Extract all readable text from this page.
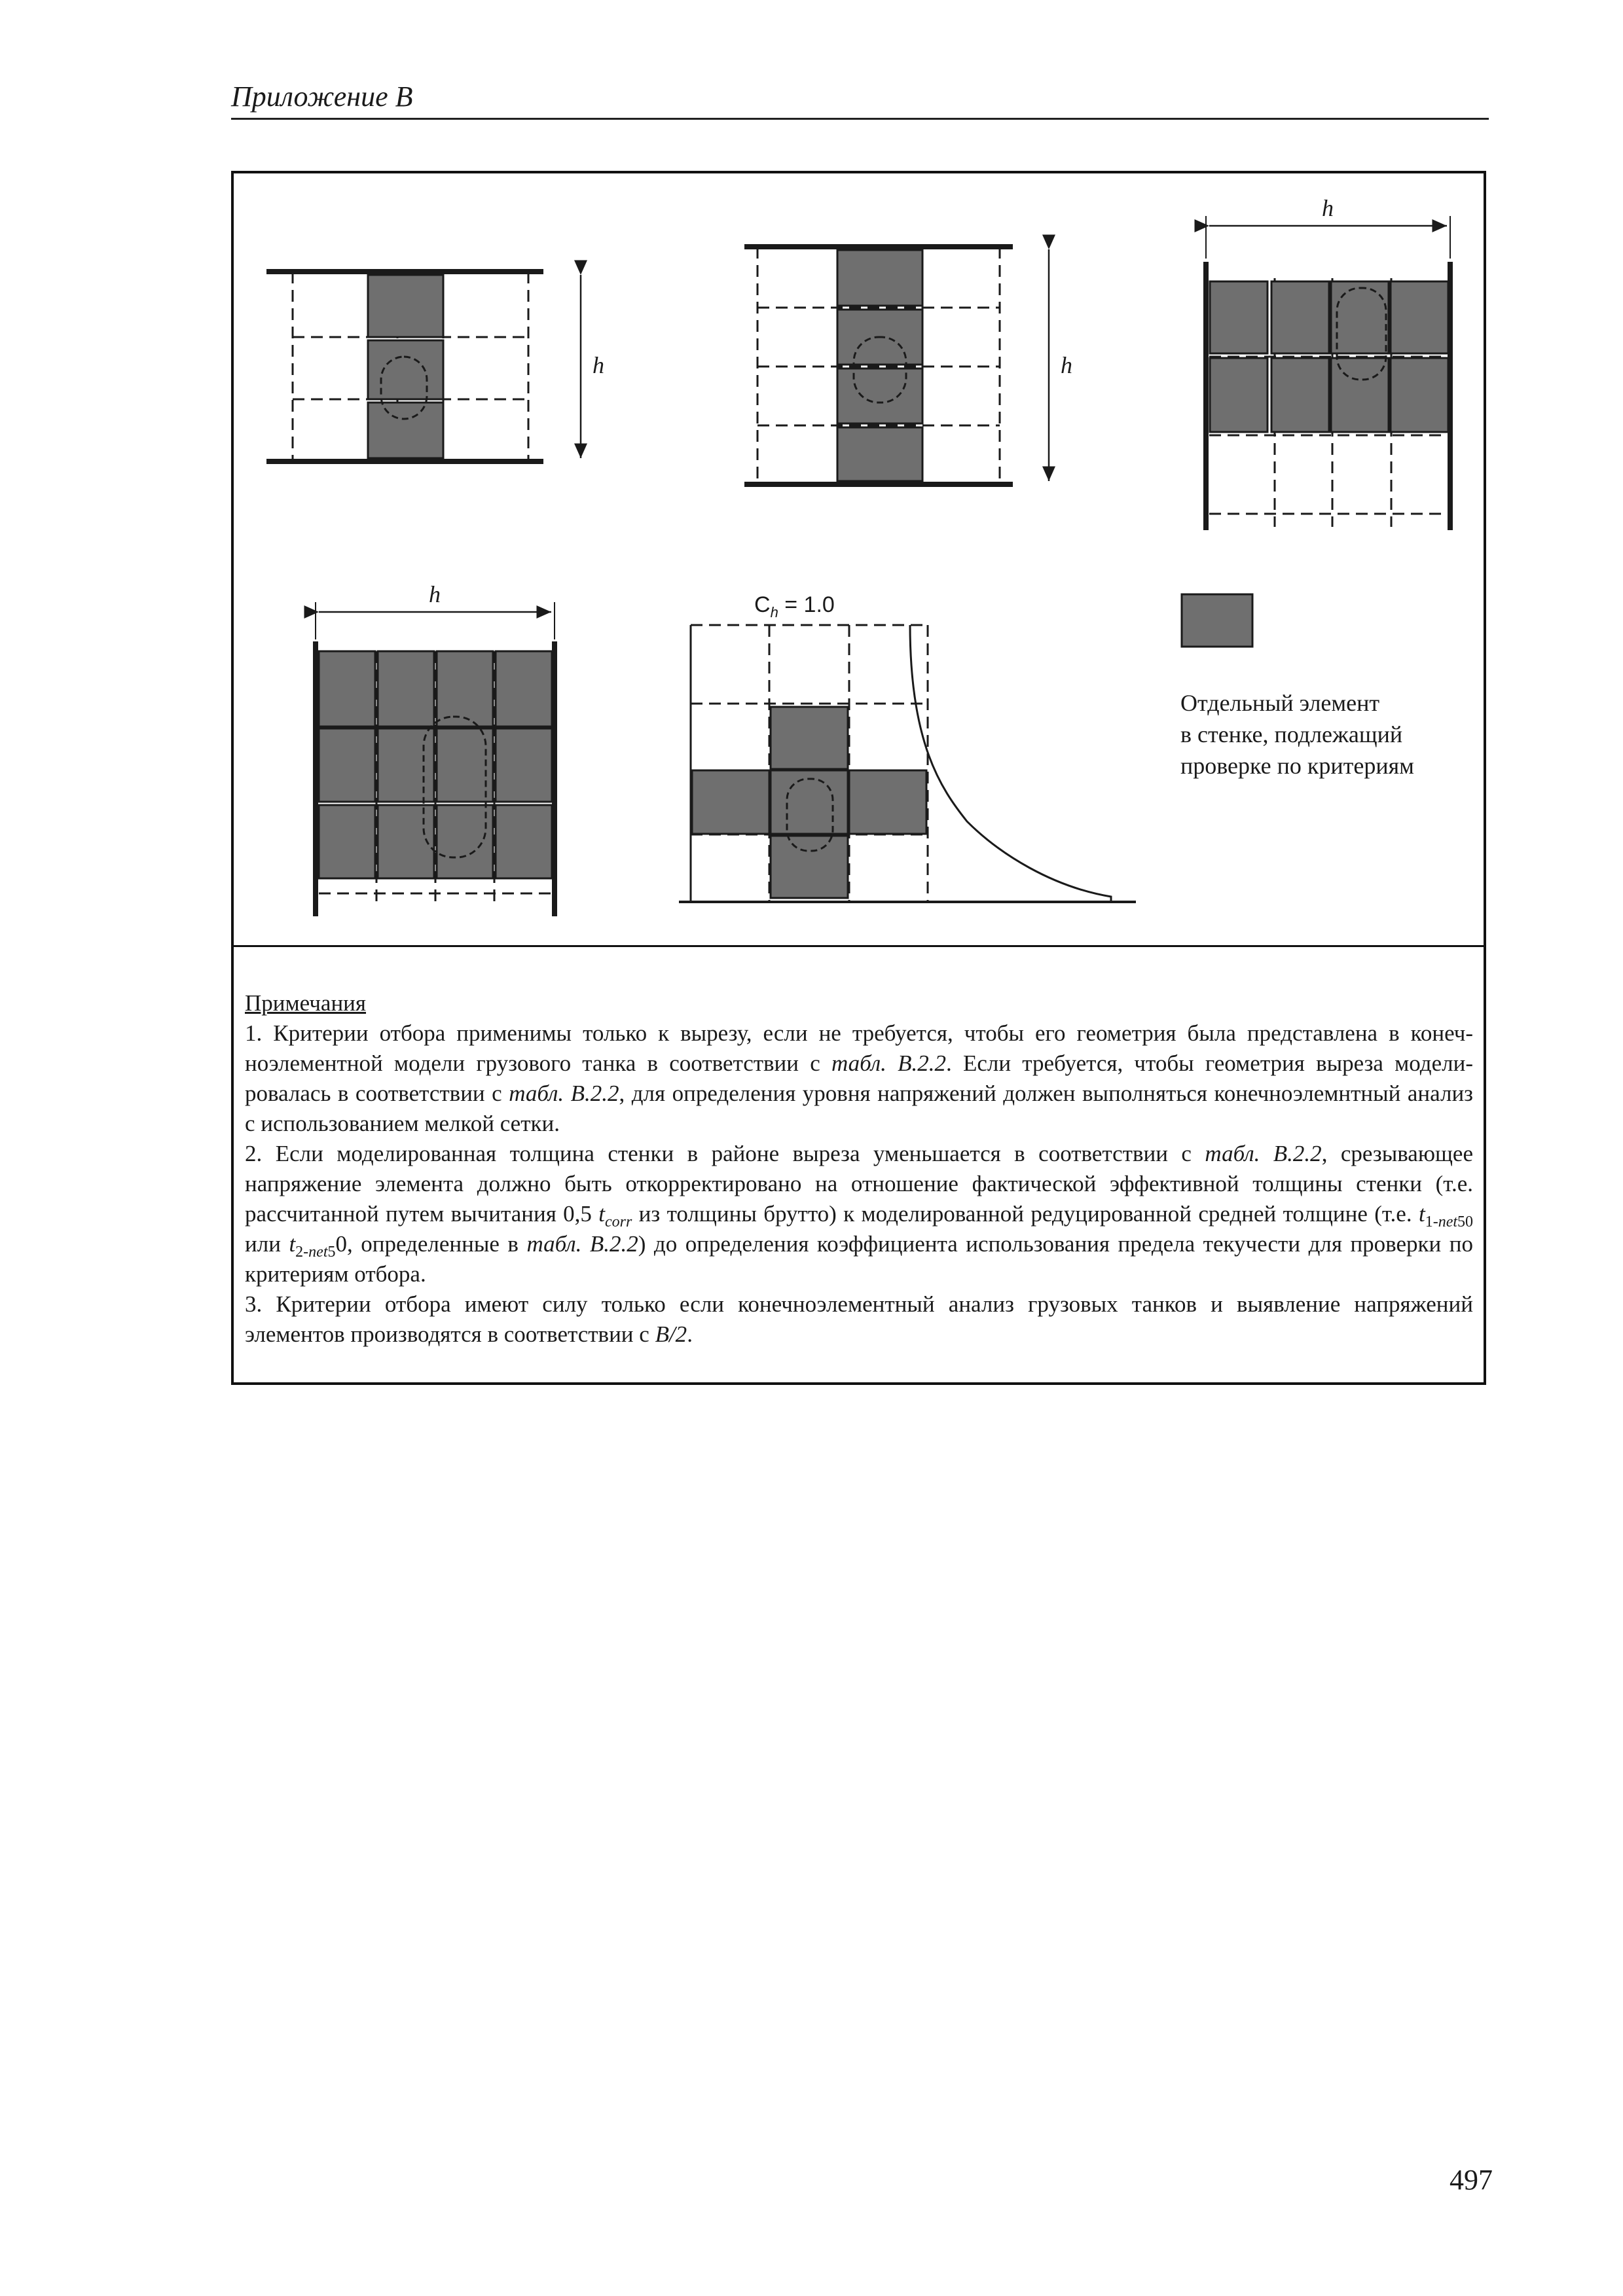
Приложение B
h	h
h
h	$C_h = 1.0$
Отдельный элемент
в стенке, подлежащий
проверке по критериям

Примечания

1. Критерии отбора применимы только к вырезу, если не требуется, чтобы его геометрия была представлена в конеч-ноэлементной модели грузового танка в соответствии с табл. B.2.2. Если требуется, чтобы геометрия выреза модели-ровалась в соответствии с табл. B.2.2, для определения уровня напряжений должен выполняться конечноэлемнтный анализ с использованием мелкой сетки.

2. Если моделированная толщина стенки в районе выреза уменьшается в соответствии с табл. B.2.2, срезывающее напряжение элемента должно быть откорректировано на отношение фактической эффективной толщины стенки (т.е. рассчитанной путем вычитания 0,5 $t_{corr}$ из толщины брутто) к моделированной редуцированной средней толщине (т.е. $t_{1-net50}$ или $t_{2-net5}0$, определенные в табл. B.2.2) до определения коэффициента использования предела текучести для проверки по критериям отбора.

3. Критерии отбора имеют силу только если конечноэлементный анализ грузовых танков и выявление напряжений элементов производятся в соответствии с B/2.

497
